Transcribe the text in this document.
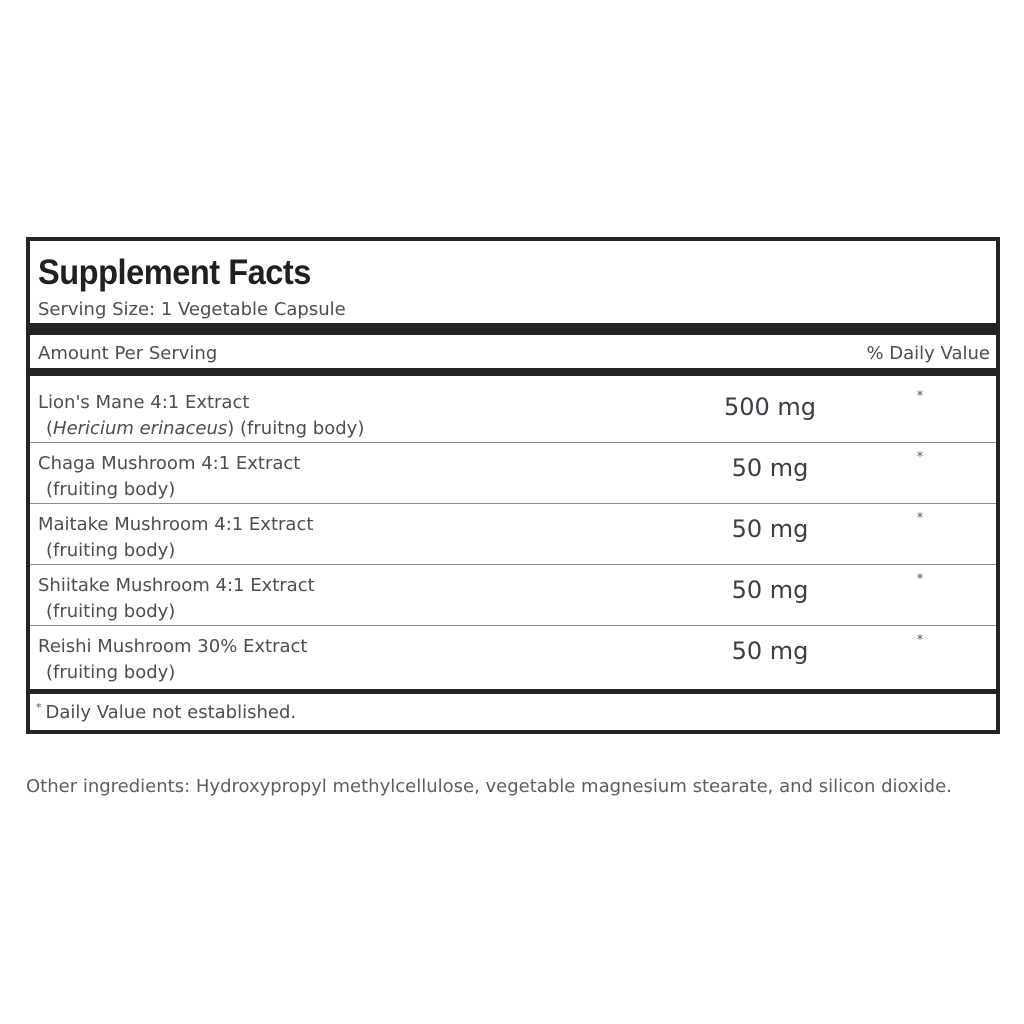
Supplement Facts
Serving Size: 1 Vegetable Capsule
Amount Per Serving	% Daily Value
Lion's Mane 4:1 Extract
(Hericium erinaceus) (fruitng body)
500 mg	*
Chaga Mushroom 4:1 Extract
(fruiting body)
50 mg	*
Maitake Mushroom 4:1 Extract
(fruiting body)
50 mg	*
Shiitake Mushroom 4:1 Extract
(fruiting body)
50 mg	*
Reishi Mushroom 30% Extract
(fruiting body)
50 mg	*
* Daily Value not established.
Other ingredients: Hydroxypropyl methylcellulose, vegetable magnesium stearate, and silicon dioxide.
